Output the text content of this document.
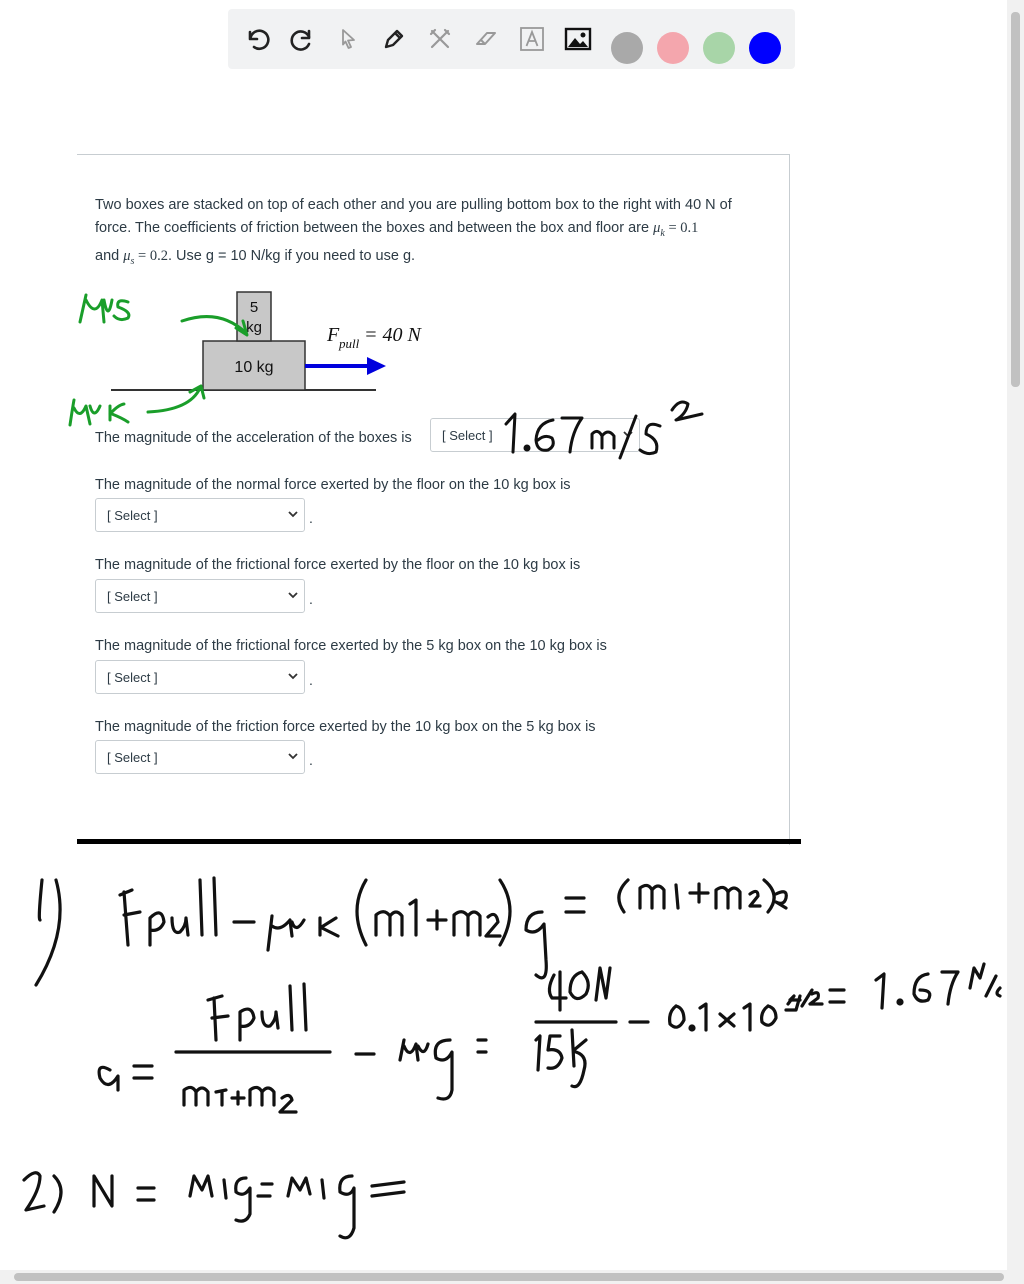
Two boxes are stacked on top of each other and you are pulling bottom box to the right with 40 N of
force. The coefficients of friction between the boxes and between the box and floor are $\mu_k = 0.1$
and $\mu_s = 0.2$. Use g = 10 N/kg if you need to use g.
5
kg
10 kg
F pull = 40 N
The magnitude of the acceleration of the boxes is [ Select ]
The magnitude of the normal force exerted by the floor on the 10 kg box is
[ Select ]	.
The magnitude of the frictional force exerted by the floor on the 10 kg box is
[ Select ]	.
The magnitude of the frictional force exerted by the 5 kg box on the 10 kg box is
[ Select ]	.
The magnitude of the friction force exerted by the 10 kg box on the 5 kg box is
[ Select ]	.
